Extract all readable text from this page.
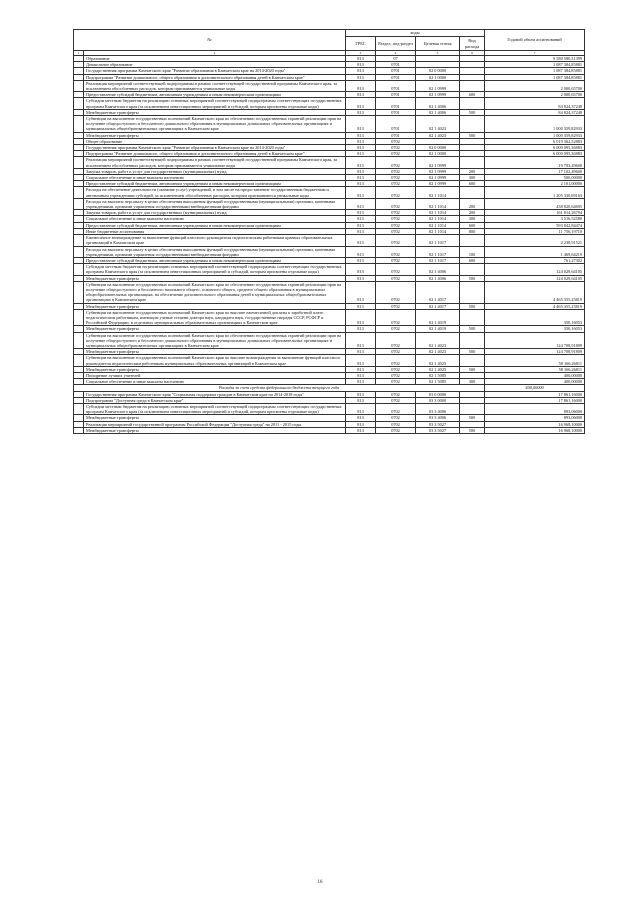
№		коды				Годовой объем ассигнований
		ГРБС	Раздел, под-раздел	Целевая статья	Вид расхода	
1	2	3	4	5	6	7
	Образование	813	07			9 580 580,31399
	Дошкольное образование	813	0701			1 087 384,85881
	Государственная программа Камчатского края "Развитие образования в Камчатском крае на 2014-2020 годы"	813	0701	02 0 0000		1 087 384,85881
	Подпрограмма "Развитие дошкольного, общего образования и дополнительного образования детей в Камчатском крае"	813	0701	02 1 0000		1 087 384,85881
	Реализация мероприятий соответствующей подпрограммы в рамках соответствующей государственной программы Камчатского края, за исключением обособленных расходов, которым присваиваются уникальные коды	813	0701	02 1 0999		2 000,65700
	Предоставление субсидий бюджетным, автономным учреждениям и иным некоммерческим организациям	813	0701	02 1 0999	600	2 000,65700
	Субсидии местным бюджетам на реализацию основных мероприятий соответствующей подпрограммы соответствующих государственных программ Камчатского края (за исключением инвестиционных мероприятий и субсидий, которым присвоены отдельные коды)	813	0701	02 1 4006		84 824,37248
	Межбюджетные трансферты	813	0701	02 1 4006	500	84 824,37248
	Субвенции на выполнение государственных полномочий Камчатского края по обеспечению государственных гарантий реализации прав на получение общедоступного и бесплатного дошкольного образования в муниципальных дошкольных образовательных организациях и муниципальных общеобразовательных организациях в Камчатском крае	813	0701	02 1 4023		1 000 359,82933
	Межбюджетные трансферты	813	0701	02 1 4023	500	1 000 359,82933
	Общее образование	813	0702			6 019 362,52883
	Государственная программа Камчатского края "Развитие образования в Камчатском крае на 2014-2020 годы"	813	0702	02 0 0000		6 000 095,36883
	Подпрограмма "Развитие дошкольного, общего образования и дополнительного образования детей в Камчатском крае"	813	0702	02 1 0000		6 000 095,36883
	Реализация мероприятий соответствующей подпрограммы в рамках соответствующей государственной программы Камчатского края, за исключением обособленных расходов, которым присваиваются уникальные коды	813	0702	02 1 0999		19 703,49600
	Закупка товаров, работ и услуг для государственных (муниципальных) нужд	813	0702	02 1 0999	200	17 102,49600
	Социальное обеспечение и иные выплаты населению	813	0702	02 1 0999	300	500,00000
	Предоставление субсидий бюджетным, автономным учреждениям и иным некоммерческим организациям	813	0702	02 1 0999	600	2 101,00000
	Расходы на обеспечение деятельности (оказание услуг) учреждений, в том числе на предоставление государственным бюджетным и автономным учреждениям субсидий, за исключением обособленных расходов, которым присваиваются уникальные коды	813	0702	02 1 1014		1 205 330,69163
	Расходы на выплаты персоналу в целях обеспечения выполнения функций государственными (муниципальными) органами, казенными учреждениями, органами управления государственными внебюджетными фондами	813	0702	02 1 1014	200	438 820,64695
	Закупка товаров, работ и услуг для государственных (муниципальных) нужд	813	0702	02 1 1014	200	161 814,26794
	Социальное обеспечение и иные выплаты населению	813	0702	02 1 1014	300	3 516,52580
	Предоставление субсидий бюджетным, автономным учреждениям и иным некоммерческим организациям	813	0702	02 1 1014	600	593 842,84474
	Иные бюджетные ассигнования	813	0702	02 1 1014	800	11 756,19710
	Ежемесячное вознаграждение за выполнение функций классного руководителя педагогическим работникам краевых образовательных организаций в Камчатском крае	813	0702	02 1 1017		2 230,91521
	Расходы на выплаты персоналу в целях обеспечения выполнения функций государственными (муниципальными) органами, казенными учреждениями, органами управления государственными внебюджетными фондами	813	0702	02 1 1017	100	1 469,64219
	Предоставление субсидий бюджетным, автономным учреждениям и иным некоммерческим организациям	813	0702	02 1 1017	600	761,27302
	Субсидии местным бюджетам на реализацию основных мероприятий соответствующей подпрограммы соответствующих государственных программ Камчатского края (за исключением инвестиционных мероприятий и субсидий, которым присвоены отдельные коды)	813	0702	02 1 4006		124 029,64105
	Межбюджетные трансферты	813	0702	02 1 4006	500	124 029,64105
	Субвенции на выполнение государственных полномочий Камчатского края по обеспечению государственных гарантий реализации прав на получение общедоступного и бесплатного начального общего, основного общего, среднего общего образования в муниципальных общеобразовательных организациях, на обеспечение дополнительного образования детей в муниципальных общеобразовательных организациях в Камчатском крае	813	0702	02 1 4017		4 465 355,25819
	Межбюджетные трансферты	813	0702	02 1 4017	500	4 465 355,25819
	Субвенции на выполнение государственных полномочий Камчатского края по выплате ежемесячной доплаты к заработной плате педагогическим работникам, имеющим ученые степени доктора наук, кандидата наук, государственные награды СССР, РСФСР и Российской Федерации, в отдельных муниципальных образовательных организациях в Камчатском крае	813	0702	02 1 4019		350,16053
	Межбюджетные трансферты	813	0702	02 1 4019	500	350,16053
	Субвенции на выполнение государственных полномочий Камчатского края по обеспечению государственных гарантий реализации прав на получение общедоступного и бесплатного дошкольного образования в муниципальных дошкольных образовательных организациях и муниципальных общеобразовательных организациях в Камчатском крае	813	0702	02 1 4023		124 708,91809
	Межбюджетные трансферты	813	0702	02 1 4023	500	124 708,91809
	Субвенции на выполнение государственных полномочий Камчатского края по выплате вознаграждения за выполнение функций классного руководителя педагогическим работникам муниципальных образовательных организаций в Камчатском крае	813	0702	02 1 4025		58 166,26811
	Межбюджетные трансферты	813	0702	02 1 4025	500	58 166,26811
	Поощрение лучших учителей	813	0702	02 1 5085		400,00000
	Социальное обеспечение и иные выплаты населению	813	0702	02 1 5085	300	400,00000
Расходы за счет средств федерального бюджета текущего года						400,00000
	Государственная программа Камчатского края "Социальная поддержка граждан в Камчатском крае на 2014-2018 годы"	813	0702	03 0 0000		17 861,16000
	Подпрограмма "Доступная среда в Камчатском крае"	813	0702	03 3 0000		17 861,16000
	Субсидии местным бюджетам на реализацию основных мероприятий соответствующей подпрограммы соответствующих государственных программ Камчатского края (за исключением инвестиционных мероприятий и субсидий, которым присвоены отдельные коды)	813	0702	03 3 4006		893,06000
	Межбюджетные трансферты	813	0702	03 3 4006	500	893,06000
	Реализация мероприятий государственной программы Российской Федерации "Доступная среда" на 2011 - 2015 годы	813	0702	03 3 5027		16 968,10000
	Межбюджетные трансферты	813	0702	03 3 5027	500	16 968,10000
16
